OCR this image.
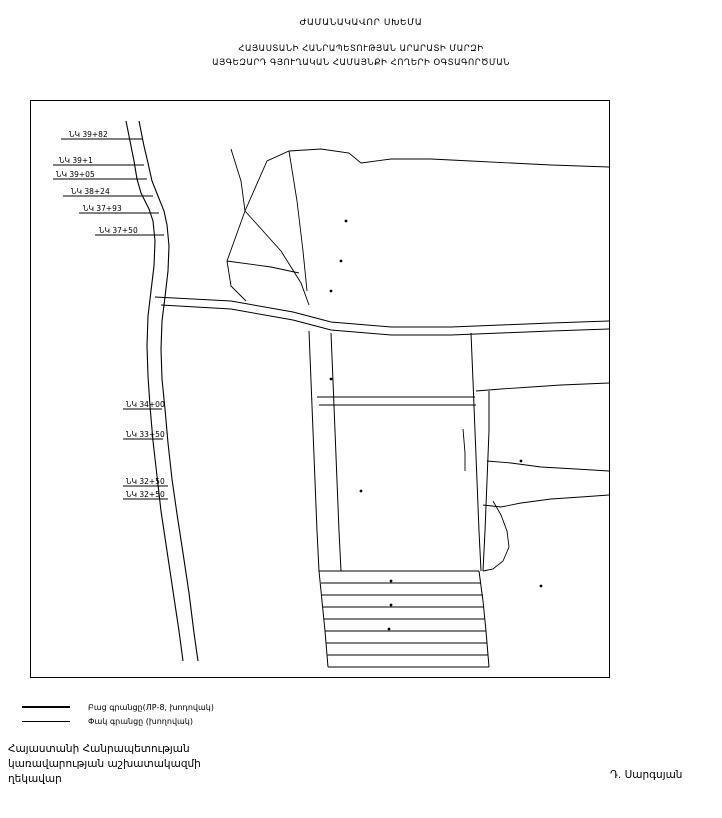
ԺԱՄԱՆԱԿԱՎՈՐ ՍԽԵՄԱ
ՀԱՅԱՍՏԱՆԻ ՀԱՆՐԱՊԵՏՈՒԹՅԱՆ ԱՐԱՐԱՏԻ ՄԱՐԶԻ
ԱՅԳԵԶԱՐԴ ԳՅՈՒՂԱԿԱՆ ՀԱՄԱՅՆՔԻ ՀՈՂԵՐԻ ՕԳՏԱԳՈՐԾՄԱՆ
ՆԿ 39+82
ՆԿ 39+1
ՆԿ 39+05
ՆԿ 38+24
ՆԿ 37+93
ՆԿ 37+50
ՆԿ 34+00
ՆԿ 33+50
ՆԿ 32+50
ՆԿ 32+50
Բաց գրանցը(ЛР-8, խոդովակ)
Փակ գրանցը (խողովակ)
Հայաստանի Հանրապետության
կառավարության աշխատակազմի
ղեկավար	Դ. Սարգսյան
